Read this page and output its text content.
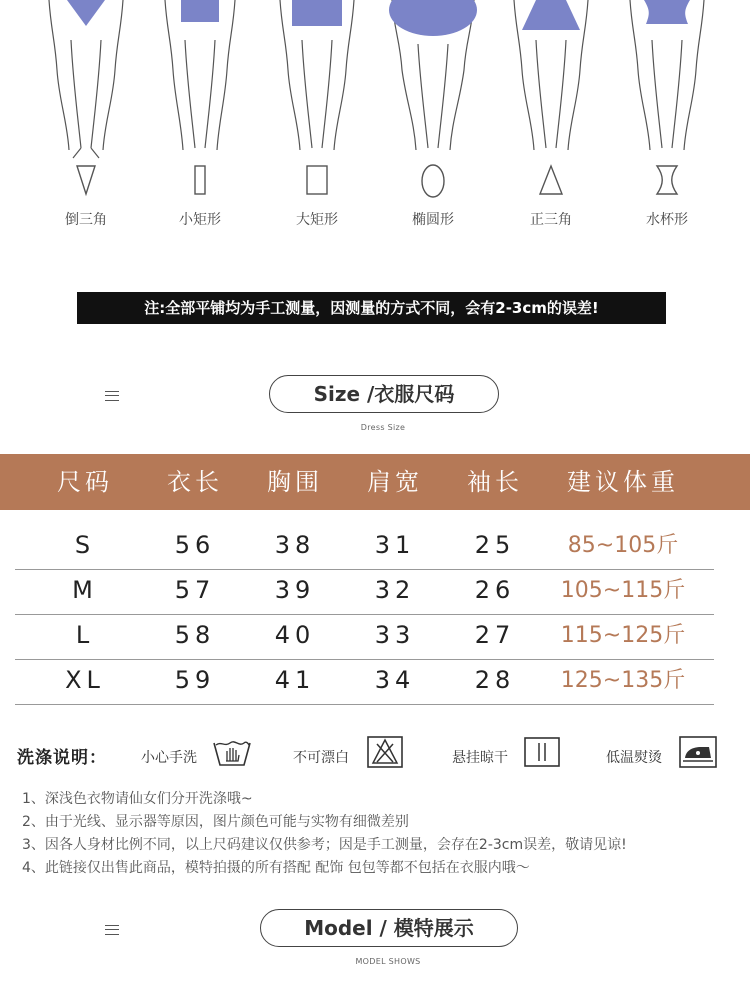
倒三角	小矩形	大矩形	椭圆形	正三角	水杯形
注:全部平铺均为手工测量，因测量的方式不同，会有2-3cm的误差!
Size /衣服尺码
Dress Size
尺码	衣长	胸围	肩宽	袖长	建议体重
S	56	38	31	25	85~105斤
M	57	39	32	26	105~115斤
L	58	40	33	27	115~125斤
XL	59	41	34	28	125~135斤
洗涤说明： 小心手洗	不可漂白	悬挂晾干	低温熨烫
1、深浅色衣物请仙女们分开洗涤哦~
2、由于光线、显示器等原因，图片颜色可能与实物有细微差别
3、因各人身材比例不同，以上尺码建议仅供参考；因是手工测量，会存在2-3cm误差，敬请见谅!
4、此链接仅出售此商品，模特拍摄的所有搭配 配饰 包包等都不包括在衣服内哦～
Model / 模特展示
MODEL SHOWS
